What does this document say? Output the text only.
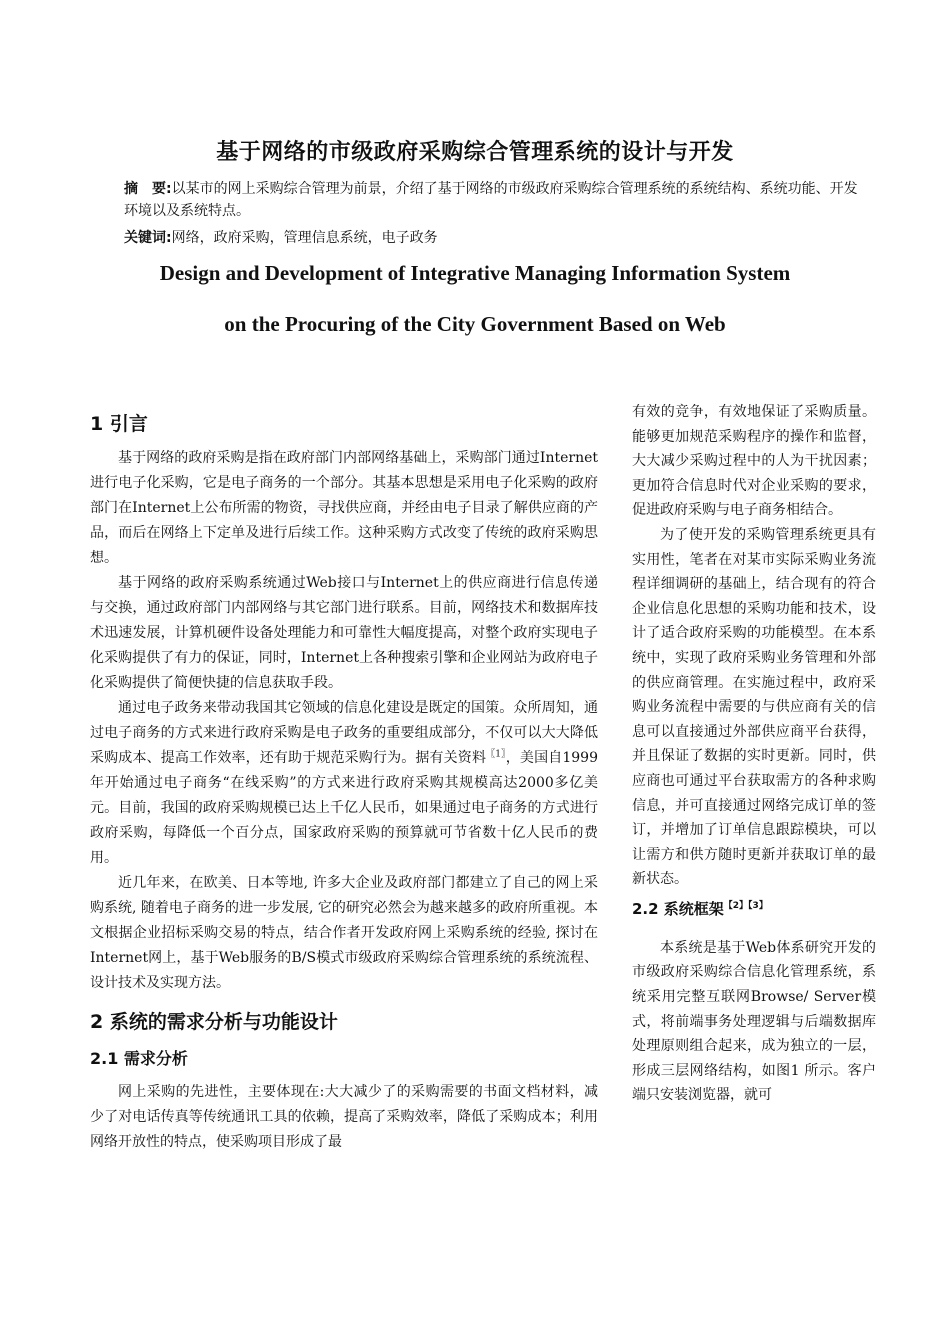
基于网络的市级政府采购综合管理系统的设计与开发

摘　要:以某市的网上采购综合管理为前景，介绍了基于网络的市级政府采购综合管理系统的系统结构、系统功能、开发环境以及系统特点。

关键词:网络，政府采购，管理信息系统，电子政务

Design and Development of Integrative Managing Information System

on the Procuring of the City Government Based on Web

1 引言

基于网络的政府采购是指在政府部门内部网络基础上，采购部门通过Internet进行电子化采购，它是电子商务的一个部分。其基本思想是采用电子化采购的政府部门在Internet上公布所需的物资，寻找供应商，并经由电子目录了解供应商的产品，而后在网络上下定单及进行后续工作。这种采购方式改变了传统的政府采购思想。

基于网络的政府采购系统通过Web接口与Internet上的供应商进行信息传递与交换，通过政府部门内部网络与其它部门进行联系。目前，网络技术和数据库技术迅速发展，计算机硬件设备处理能力和可靠性大幅度提高，对整个政府实现电子化采购提供了有力的保证，同时，Internet上各种搜索引擎和企业网站为政府电子化采购提供了简便快捷的信息获取手段。

通过电子政务来带动我国其它领域的信息化建设是既定的国策。众所周知，通过电子商务的方式来进行政府采购是电子政务的重要组成部分，不仅可以大大降低采购成本、提高工作效率，还有助于规范采购行为。据有关资料$^{〖1〗}$，美国自1999年开始通过电子商务“在线采购”的方式来进行政府采购其规模高达2000多亿美元。目前，我国的政府采购规模已达上千亿人民币，如果通过电子商务的方式进行政府采购，每降低一个百分点，国家政府采购的预算就可节省数十亿人民币的费用。

近几年来，在欧美、日本等地, 许多大企业及政府部门都建立了自己的网上采购系统, 随着电子商务的进一步发展, 它的研究必然会为越来越多的政府所重视。本文根据企业招标采购交易的特点，结合作者开发政府网上采购系统的经验, 探讨在Internet网上，基于Web服务的B/S模式市级政府采购综合管理系统的系统流程、设计技术及实现方法。

2 系统的需求分析与功能设计
2.1 需求分析

网上采购的先进性，主要体现在:大大减少了的采购需要的书面文档材料，减少了对电话传真等传统通讯工具的依赖，提高了采购效率，降低了采购成本；利用网络开放性的特点，使采购项目形成了最

有效的竞争，有效地保证了采购质量。能够更加规范采购程序的操作和监督，大大减少采购过程中的人为干扰因素；更加符合信息时代对企业采购的要求，促进政府采购与电子商务相结合。

为了使开发的采购管理系统更具有实用性，笔者在对某市实际采购业务流程详细调研的基础上，结合现有的符合企业信息化思想的采购功能和技术，设计了适合政府采购的功能模型。在本系统中，实现了政府采购业务管理和外部的供应商管理。在实施过程中，政府采购业务流程中需要的与供应商有关的信息可以直接通过外部供应商平台获得，并且保证了数据的实时更新。同时，供应商也可通过平台获取需方的各种求购信息，并可直接通过网络完成订单的签订，并增加了订单信息跟踪模块，可以让需方和供方随时更新并获取订单的最新状态。

2.2 系统框架$^{【2】【3】}$

本系统是基于Web体系研究开发的市级政府采购综合信息化管理系统，系统采用完整互联网Browse/ Server模式，将前端事务处理逻辑与后端数据库处理原则组合起来，成为独立的一层，形成三层网络结构，如图1 所示。客户端只安装浏览器，就可
